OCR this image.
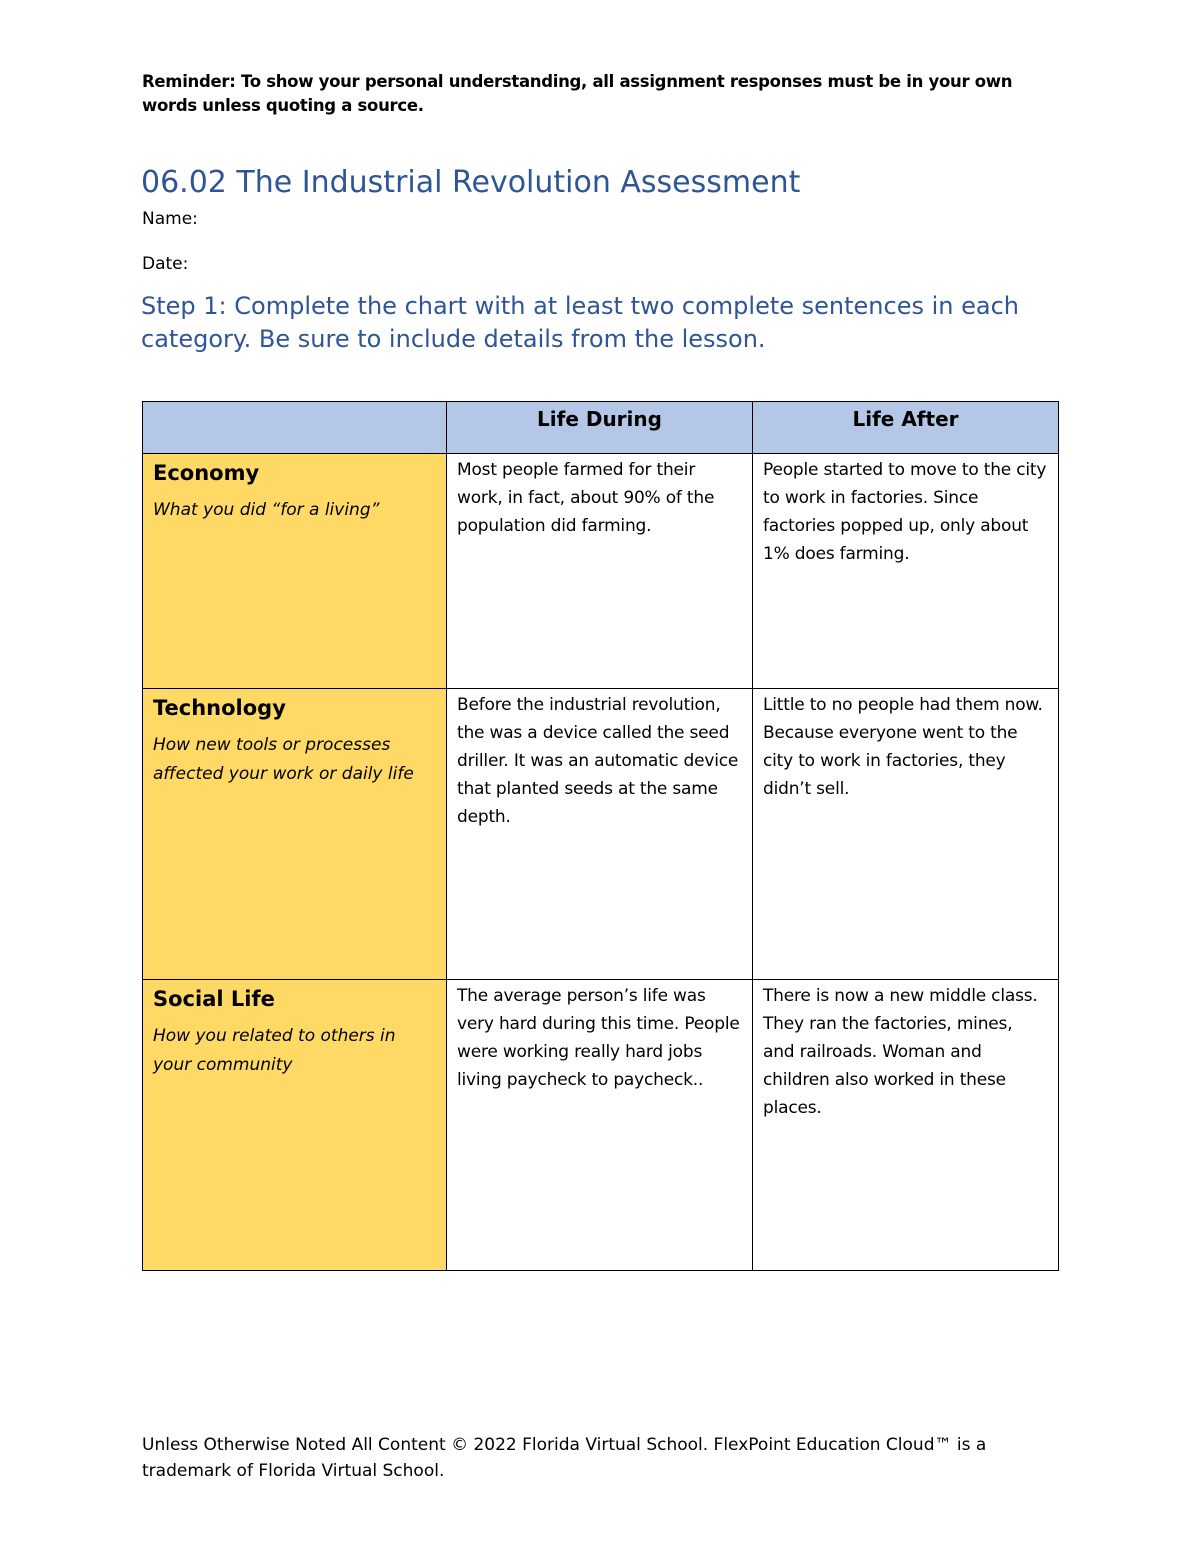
Reminder: To show your personal understanding, all assignment responses must be in your own words unless quoting a source.
06.02 The Industrial Revolution Assessment
Name:
Date:
Step 1: Complete the chart with at least two complete sentences in each category. Be sure to include details from the lesson.

	Life During	Life After

Economy
What you did “for a living”	Most people farmed for their work, in fact, about 90% of the population did farming.	People started to move to the city to work in factories. Since factories popped up, only about 1% does farming.

Technology
How new tools or processes affected your work or daily life	Before the industrial revolution, the was a device called the seed driller. It was an automatic device that planted seeds at the same depth.	Little to no people had them now. Because everyone went to the city to work in factories, they didn’t sell.

Social Life
How you related to others in your community	The average person’s life was very hard during this time. People were working really hard jobs living paycheck to paycheck..	There is now a new middle class. They ran the factories, mines, and railroads. Woman and children also worked in these places.
Unless Otherwise Noted All Content © 2022 Florida Virtual School. FlexPoint Education Cloud™ is a trademark of Florida Virtual School.
